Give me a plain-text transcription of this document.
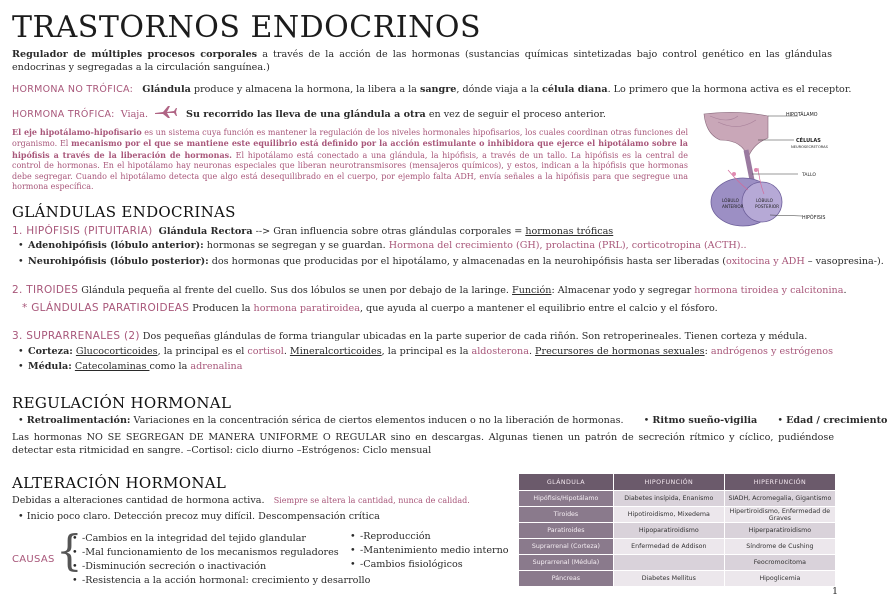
TRASTORNOS ENDOCRINOS
Regulador de múltiples procesos corporales a través de la acción de las hormonas (sustancias químicas sintetizadas bajo control genético en las glándulas endocrinas y segregadas a la circulación sanguínea.)
HORMONA NO TRÓFICA: Glándula produce y almacena la hormona, la libera a la sangre, dónde viaja a la célula diana. Lo primero que la hormona activa es el receptor.
HORMONA TRÓFICA: Viaja.	Su recorrido las lleva de una glándula a otra en vez de seguir el proceso anterior.
El eje hipotálamo-hipofisario es un sistema cuya función es mantener la regulación de los niveles hormonales hipofisarios, los cuales coordinan otras funciones del organismo. El mecanismo por el que se mantiene este equilibrio está definido por la acción estimulante o inhibidora que ejerce el hipotálamo sobre la hipófisis a través de la liberación de hormonas. El hipotálamo está conectado a una glándula, la hipófisis, a través de un tallo. La hipófisis es la central de control de hormonas. En el hipotálamo hay neuronas especiales que liberan neurotransmisores (mensajeros químicos), y estos, indican a la hipófisis que hormonas debe segregar. Cuando el hipotálamo detecta que algo está desequilibrado en el cuerpo, por ejemplo falta ADH, envía señales a la hipófisis para que segregue una hormona específica.
HIPOTÁLAMO
CÉLULAS
NEUROSECRETORAS
TALLO
LÓBULO
ANTERIOR
LÓBULO
POSTERIOR
HIPÓFISIS
GLÁNDULAS ENDOCRINAS
1. HIPÓFISIS (PITUITARIA) Glándula Rectora --> Gran influencia sobre otras glándulas corporales = hormonas tróficas
• Adenohipófisis (lóbulo anterior): hormonas se segregan y se guardan. Hormona del crecimiento (GH), prolactina (PRL), corticotropina (ACTH)..
• Neurohipófisis (lóbulo posterior): dos hormonas que producidas por el hipotálamo, y almacenadas en la neurohipófisis hasta ser liberadas (oxitocina y ADH – vasopresina-).
2. TIROIDES Glándula pequeña al frente del cuello. Sus dos lóbulos se unen por debajo de la laringe. Función: Almacenar yodo y segregar hormona tiroidea y calcitonina.
* GLÁNDULAS PARATIROIDEAS Producen la hormona paratiroidea, que ayuda al cuerpo a mantener el equilibrio entre el calcio y el fósforo.
3. SUPRARRENALES (2) Dos pequeñas glándulas de forma triangular ubicadas en la parte superior de cada riñón. Son retroperineales. Tienen corteza y médula.
• Corteza: Glucocorticoides, la principal es el cortisol. Mineralcorticoides, la principal es la aldosterona. Precursores de hormonas sexuales: andrógenos y estrógenos
• Médula: Catecolaminas como la adrenalina
REGULACIÓN HORMONAL
• Retroalimentación: Variaciones en la concentración sérica de ciertos elementos inducen o no la liberación de hormonas. • Ritmo sueño-vigilia • Edad / crecimiento
Las hormonas NO SE SEGREGAN DE MANERA UNIFORME O REGULAR sino en descargas. Algunas tienen un patrón de secreción rítmico y cíclico, pudiéndose detectar esta ritmicidad en sangre. –Cortisol: ciclo diurno –Estrógenos: Ciclo mensual
ALTERACIÓN HORMONAL
Debidas a alteraciones cantidad de hormona activa. Siempre se altera la cantidad, nunca de calidad.
• Inicio poco claro. Detección precoz muy difícil. Descompensación crítica
CAUSAS { • -Cambios en la integridad del tejido glandular
• -Mal funcionamiento de los mecanismos reguladores
• -Disminución secreción o inactivación
• -Resistencia a la acción hormonal: crecimiento y desarrollo
• -Reproducción
• -Mantenimiento medio interno
• -Cambios fisiológicos
GLÁNDULA	HIPOFUNCIÓN	HIPERFUNCIÓN
Hipófisis/Hipotálamo	Diabetes insípida, Enanismo	SIADH, Acromegalia, Gigantismo
Tiroides	Hipotiroidismo, Mixedema	Hipertiroidismo, Enfermedad de Graves
Paratiroides	Hipoparatiroidismo	Hiperparatiroidismo
Suprarrenal (Corteza)	Enfermedad de Addison	Síndrome de Cushing
Suprarrenal (Médula)		Feocromocitoma
Páncreas	Diabetes Mellitus	Hipoglicemia
1
